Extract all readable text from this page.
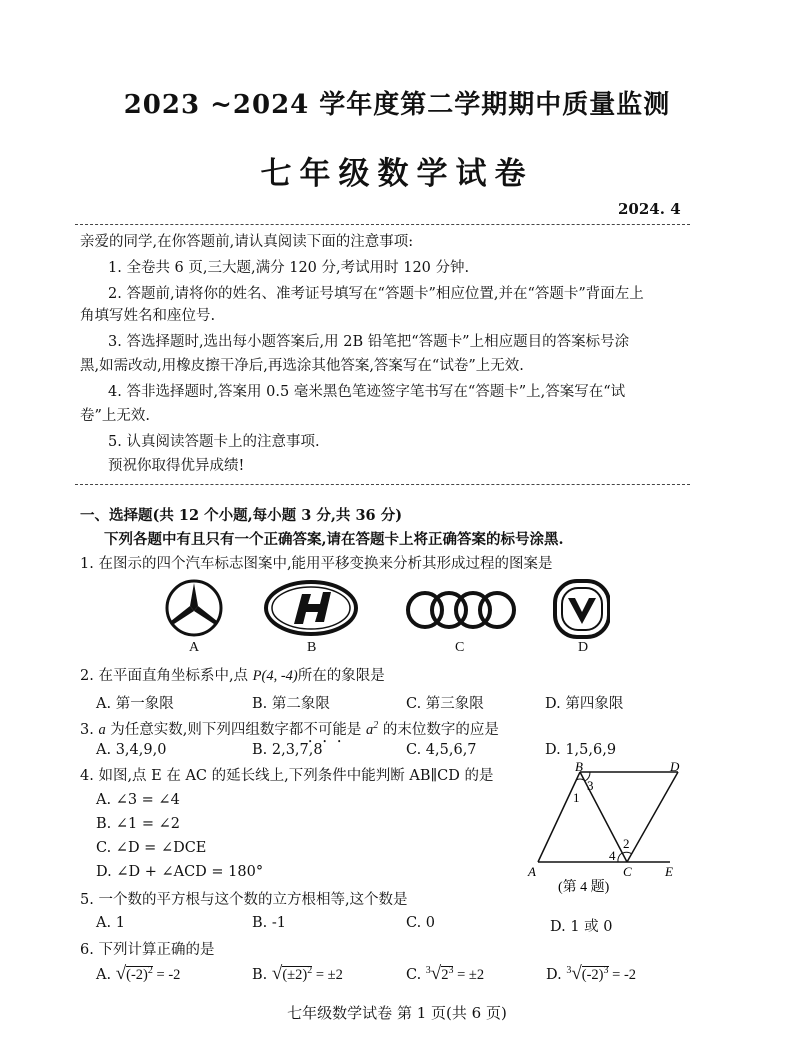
2023 ~2024 学年度第二学期期中质量监测
七年级数学试卷
2024. 4
亲爱的同学,在你答题前,请认真阅读下面的注意事项:
1. 全卷共 6 页,三大题,满分 120 分,考试用时 120 分钟.
2. 答题前,请将你的姓名、准考证号填写在“答题卡”相应位置,并在“答题卡”背面左上
角填写姓名和座位号.
3. 答选择题时,选出每小题答案后,用 2B 铅笔把“答题卡”上相应题目的答案标号涂
黑,如需改动,用橡皮擦干净后,再选涂其他答案,答案写在“试卷”上无效.
4. 答非选择题时,答案用 0.5 毫米黑色笔迹签字笔书写在“答题卡”上,答案写在“试
卷”上无效.
5. 认真阅读答题卡上的注意事项.
预祝你取得优异成绩!
一、选择题(共 12 个小题,每小题 3 分,共 36 分)
下列各题中有且只有一个正确答案,请在答题卡上将正确答案的标号涂黑.
1. 在图示的四个汽车标志图案中,能用平移变换来分析其形成过程的图案是
A	B	C	D
2. 在平面直角坐标系中,点 P(4, -4)所在的象限是
A. 第一象限	B. 第二象限	C. 第三象限	D. 第四象限
3. a 为任意实数,则下列四组数字都不可能是 $a^2$ 的末位数字的应是
A. 3,4,9,0	B. 2,3,7,8	C. 4,5,6,7	D. 1,5,6,9
4. 如图,点 E 在 AC 的延长线上,下列条件中能判断 AB∥CD 的是
A. ∠3 = ∠4
B. ∠1 = ∠2
C. ∠D = ∠DCE
D. ∠D + ∠ACD = 180°
B	D
A	C	E
1
3
2
4
(第 4 题)
5. 一个数的平方根与这个数的立方根相等,这个数是
A. 1	B. -1	C. 0	D. 1 或 0
6. 下列计算正确的是
A. $√(-2)^2 = -2$	B. $√(\pm 2)^2 = \pm 2$	C. $^3√2^3 = \pm 2$	D. $^3√(-2)^3 = -2$
七年级数学试卷 第 1 页(共 6 页)
